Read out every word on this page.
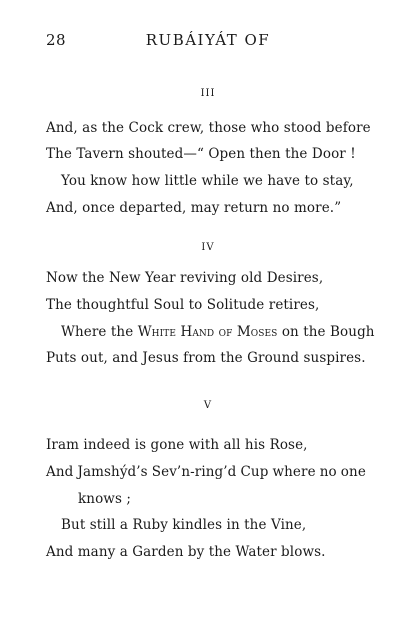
28	RUBÁIYÁT OF
III
And, as the Cock crew, those who stood before
The Tavern shouted—“ Open then the Door !
You know how little while we have to stay,
And, once departed, may return no more.”
IV
Now the New Year reviving old Desires,
The thoughtful Soul to Solitude retires,
Where the White Hand of Moses on the Bough
Puts out, and Jesus from the Ground suspires.
V
Iram indeed is gone with all his Rose,
And Jamshýd’s Sev’n-ring’d Cup where no one
knows ;
But still a Ruby kindles in the Vine,
And many a Garden by the Water blows.
